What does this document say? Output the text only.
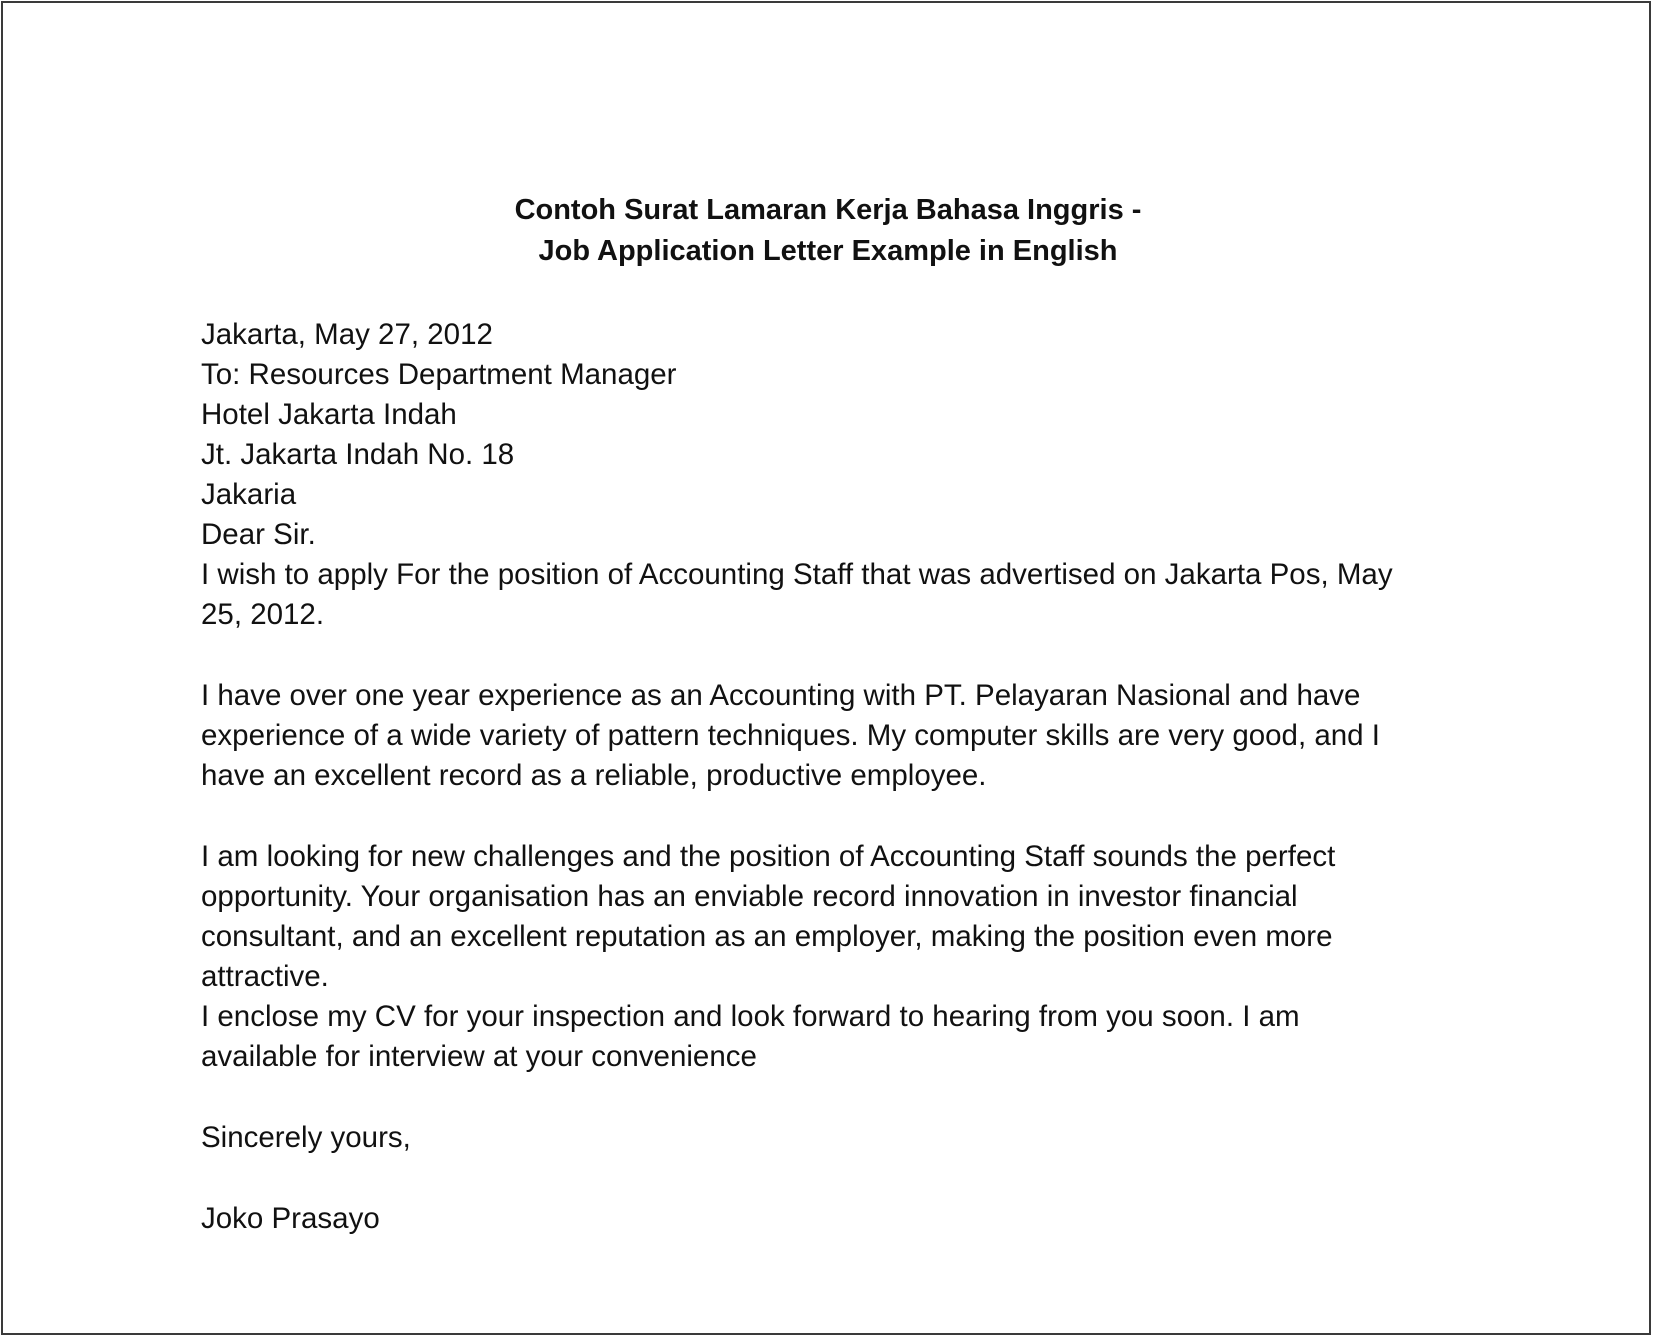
Contoh Surat Lamaran Kerja Bahasa Inggris -
Job Application Letter Example in English
Jakarta, May 27, 2012
To: Resources Department Manager
Hotel Jakarta Indah
Jt. Jakarta Indah No. 18
Jakaria
Dear Sir.
I wish to apply For the position of Accounting Staff that was advertised on Jakarta Pos, May
25, 2012.
I have over one year experience as an Accounting with PT. Pelayaran Nasional and have
experience of a wide variety of pattern techniques. My computer skills are very good, and I
have an excellent record as a reliable, productive employee.
I am looking for new challenges and the position of Accounting Staff sounds the perfect
opportunity. Your organisation has an enviable record innovation in investor financial
consultant, and an excellent reputation as an employer, making the position even more
attractive.
I enclose my CV for your inspection and look forward to hearing from you soon. I am
available for interview at your convenience
Sincerely yours,
Joko Prasayo
